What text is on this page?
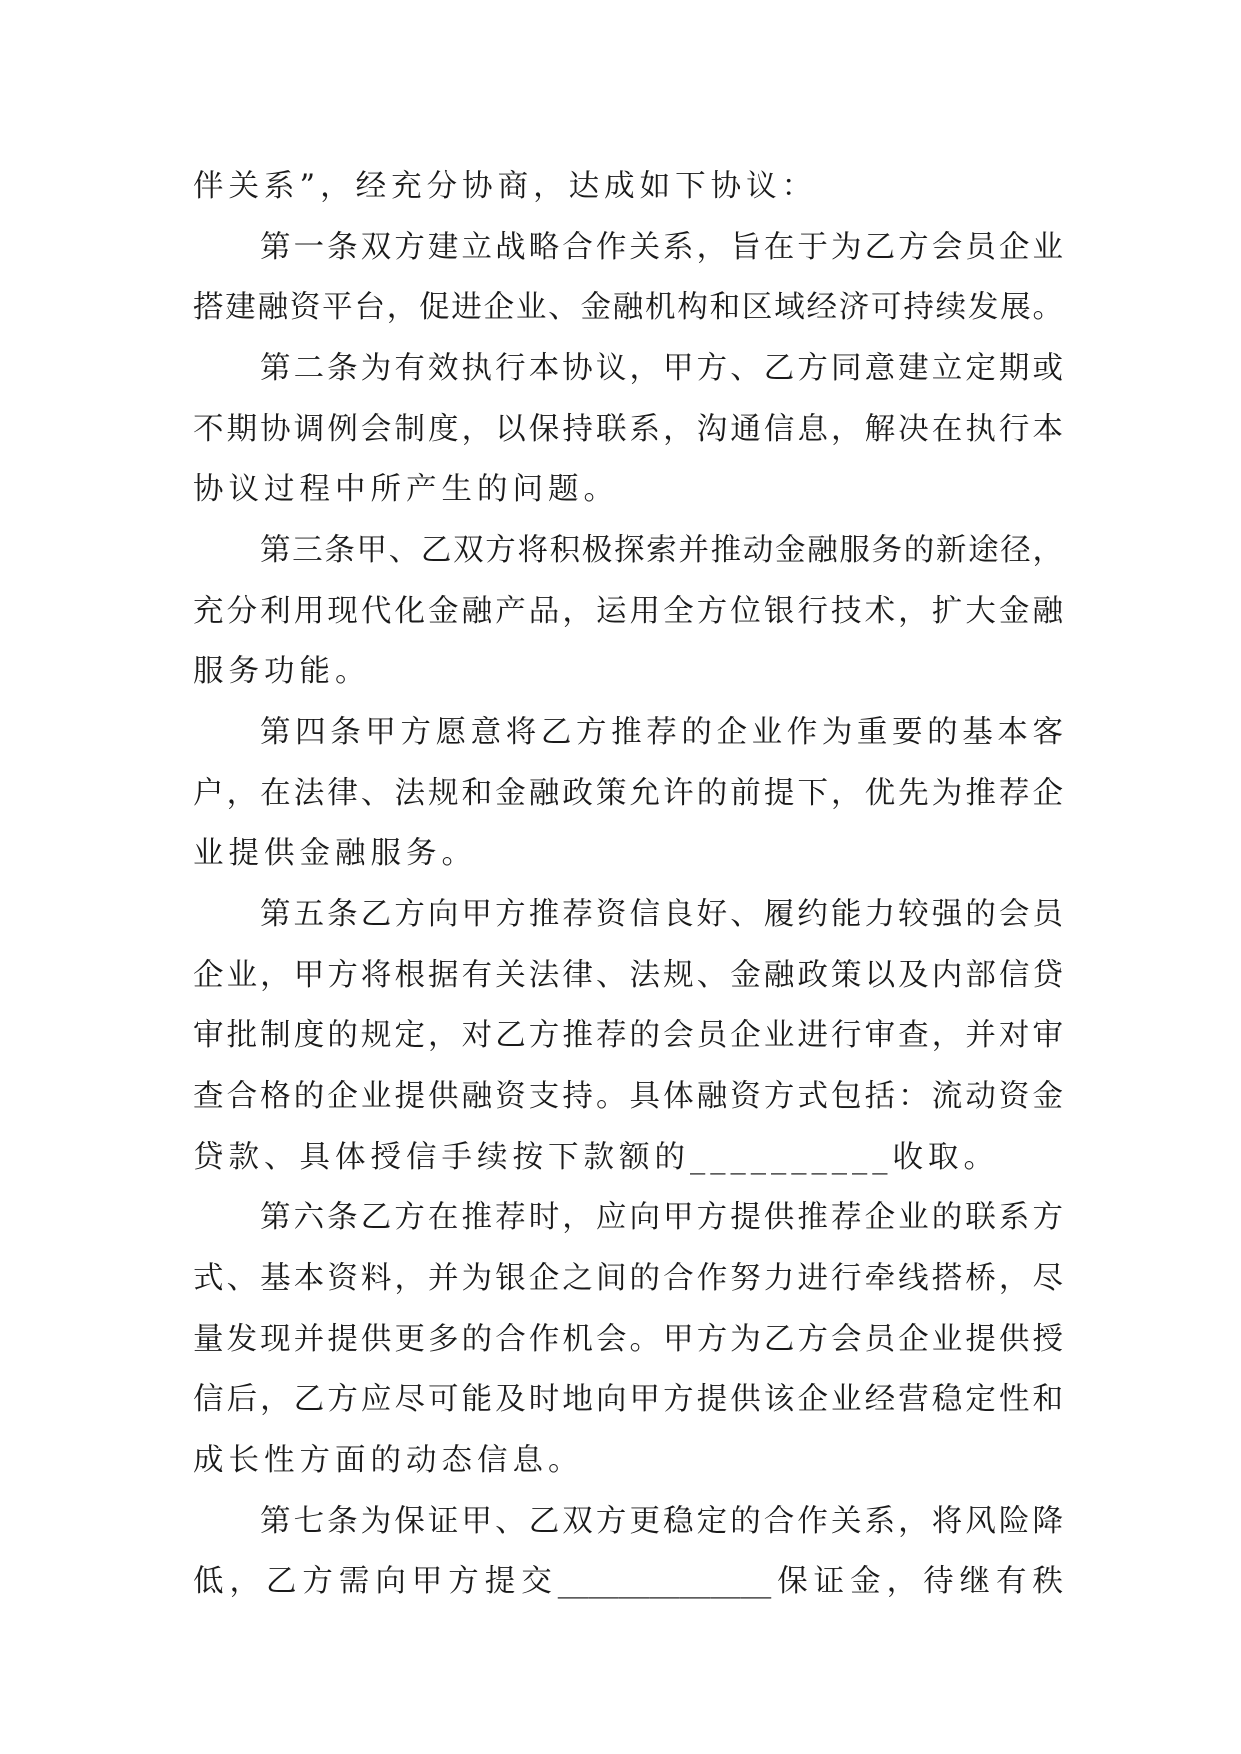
伴关系”，经充分协商，达成如下协议：
第一条双方建立战略合作关系，旨在于为乙方会员企业
搭建融资平台，促进企业、金融机构和区域经济可持续发展。
第二条为有效执行本协议，甲方、乙方同意建立定期或
不期协调例会制度，以保持联系，沟通信息，解决在执行本
协议过程中所产生的问题。
第三条甲、乙双方将积极探索并推动金融服务的新途径，
充分利用现代化金融产品，运用全方位银行技术，扩大金融
服务功能。
第四条甲方愿意将乙方推荐的企业作为重要的基本客
户，在法律、法规和金融政策允许的前提下，优先为推荐企
业提供金融服务。
第五条乙方向甲方推荐资信良好、履约能力较强的会员
企业，甲方将根据有关法律、法规、金融政策以及内部信贷
审批制度的规定，对乙方推荐的会员企业进行审查，并对审
查合格的企业提供融资支持。具体融资方式包括：流动资金
贷款、具体授信手续按下款额的__________收取。
第六条乙方在推荐时，应向甲方提供推荐企业的联系方
式、基本资料，并为银企之间的合作努力进行牵线搭桥，尽
量发现并提供更多的合作机会。甲方为乙方会员企业提供授
信后，乙方应尽可能及时地向甲方提供该企业经营稳定性和
成长性方面的动态信息。
第七条为保证甲、乙双方更稳定的合作关系，将风险降
低，乙方需向甲方提交______________保证金，待继有秩
